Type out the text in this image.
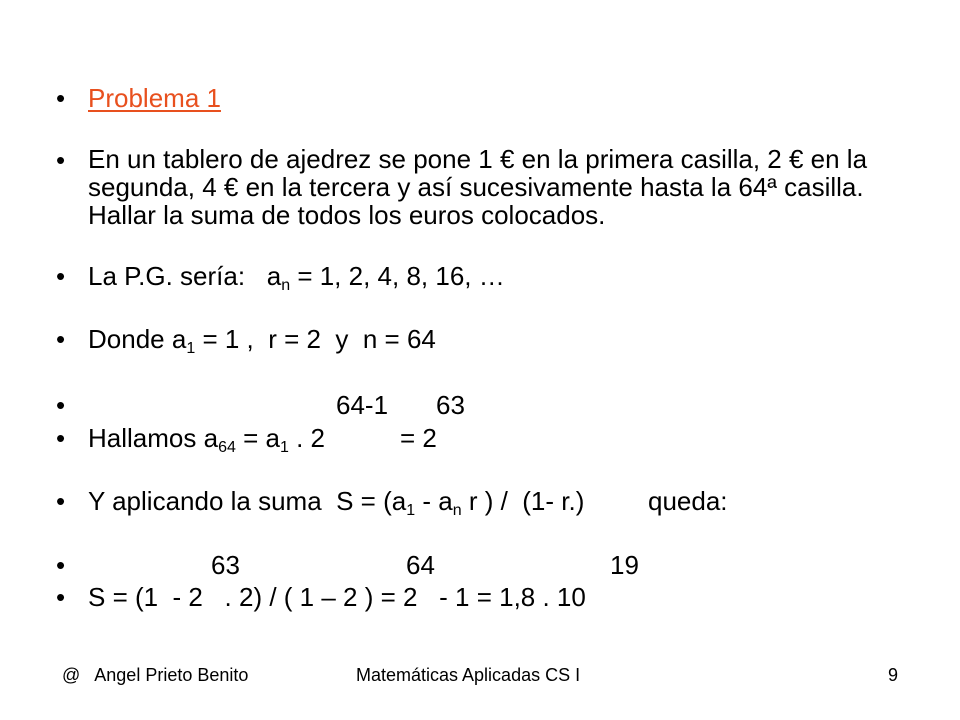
• Problema 1
• En un tablero de ajedrez se pone 1 € en la primera casilla, 2 € en la segunda, 4 € en la tercera y así sucesivamente hasta la 64ª casilla. Hallar la suma de todos los euros colocados.
• La P.G. sería:   $a_n = 1$, 2, 4, 8, 16, …
• Donde $a_1 = 1$ ,  r = 2  y  n = 64
•	64-1 63
• Hallamos $a_{64} = a_1$ . 2	= 2
• Y aplicando la suma  $S = (a_1 - a_n$ r ) /  (1- r.) queda:
•	63	64	19
• S = (1  - 2   . 2) / ( 1 – 2 ) = 2   - 1 = 1,8 . 10
@   Angel Prieto Benito	Matemáticas Aplicadas CS I	9
